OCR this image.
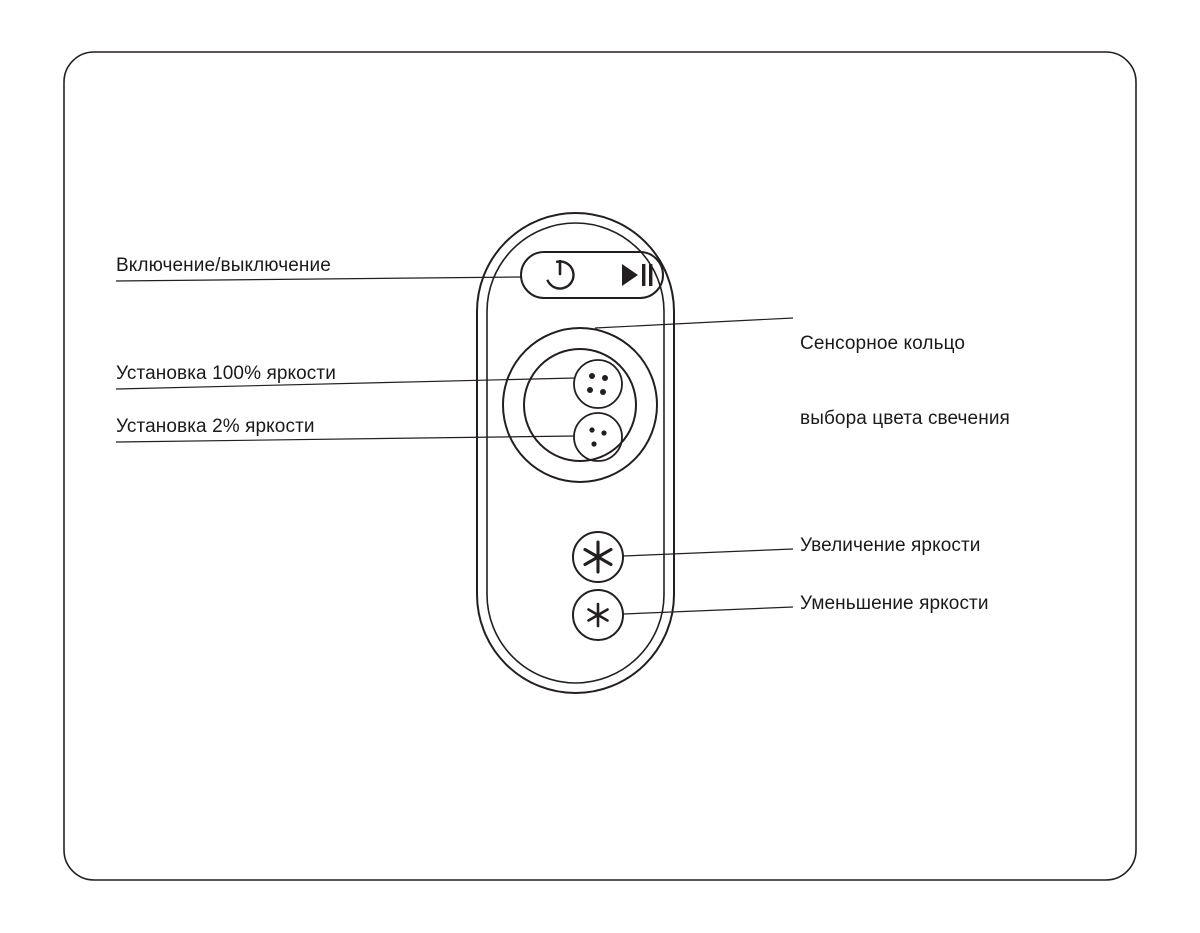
Включение/выключение
Установка 100% яркости
Установка 2% яркости

Сенсорное кольцо

выбора цвета свечения

Увеличение яркости
Уменьшение яркости
